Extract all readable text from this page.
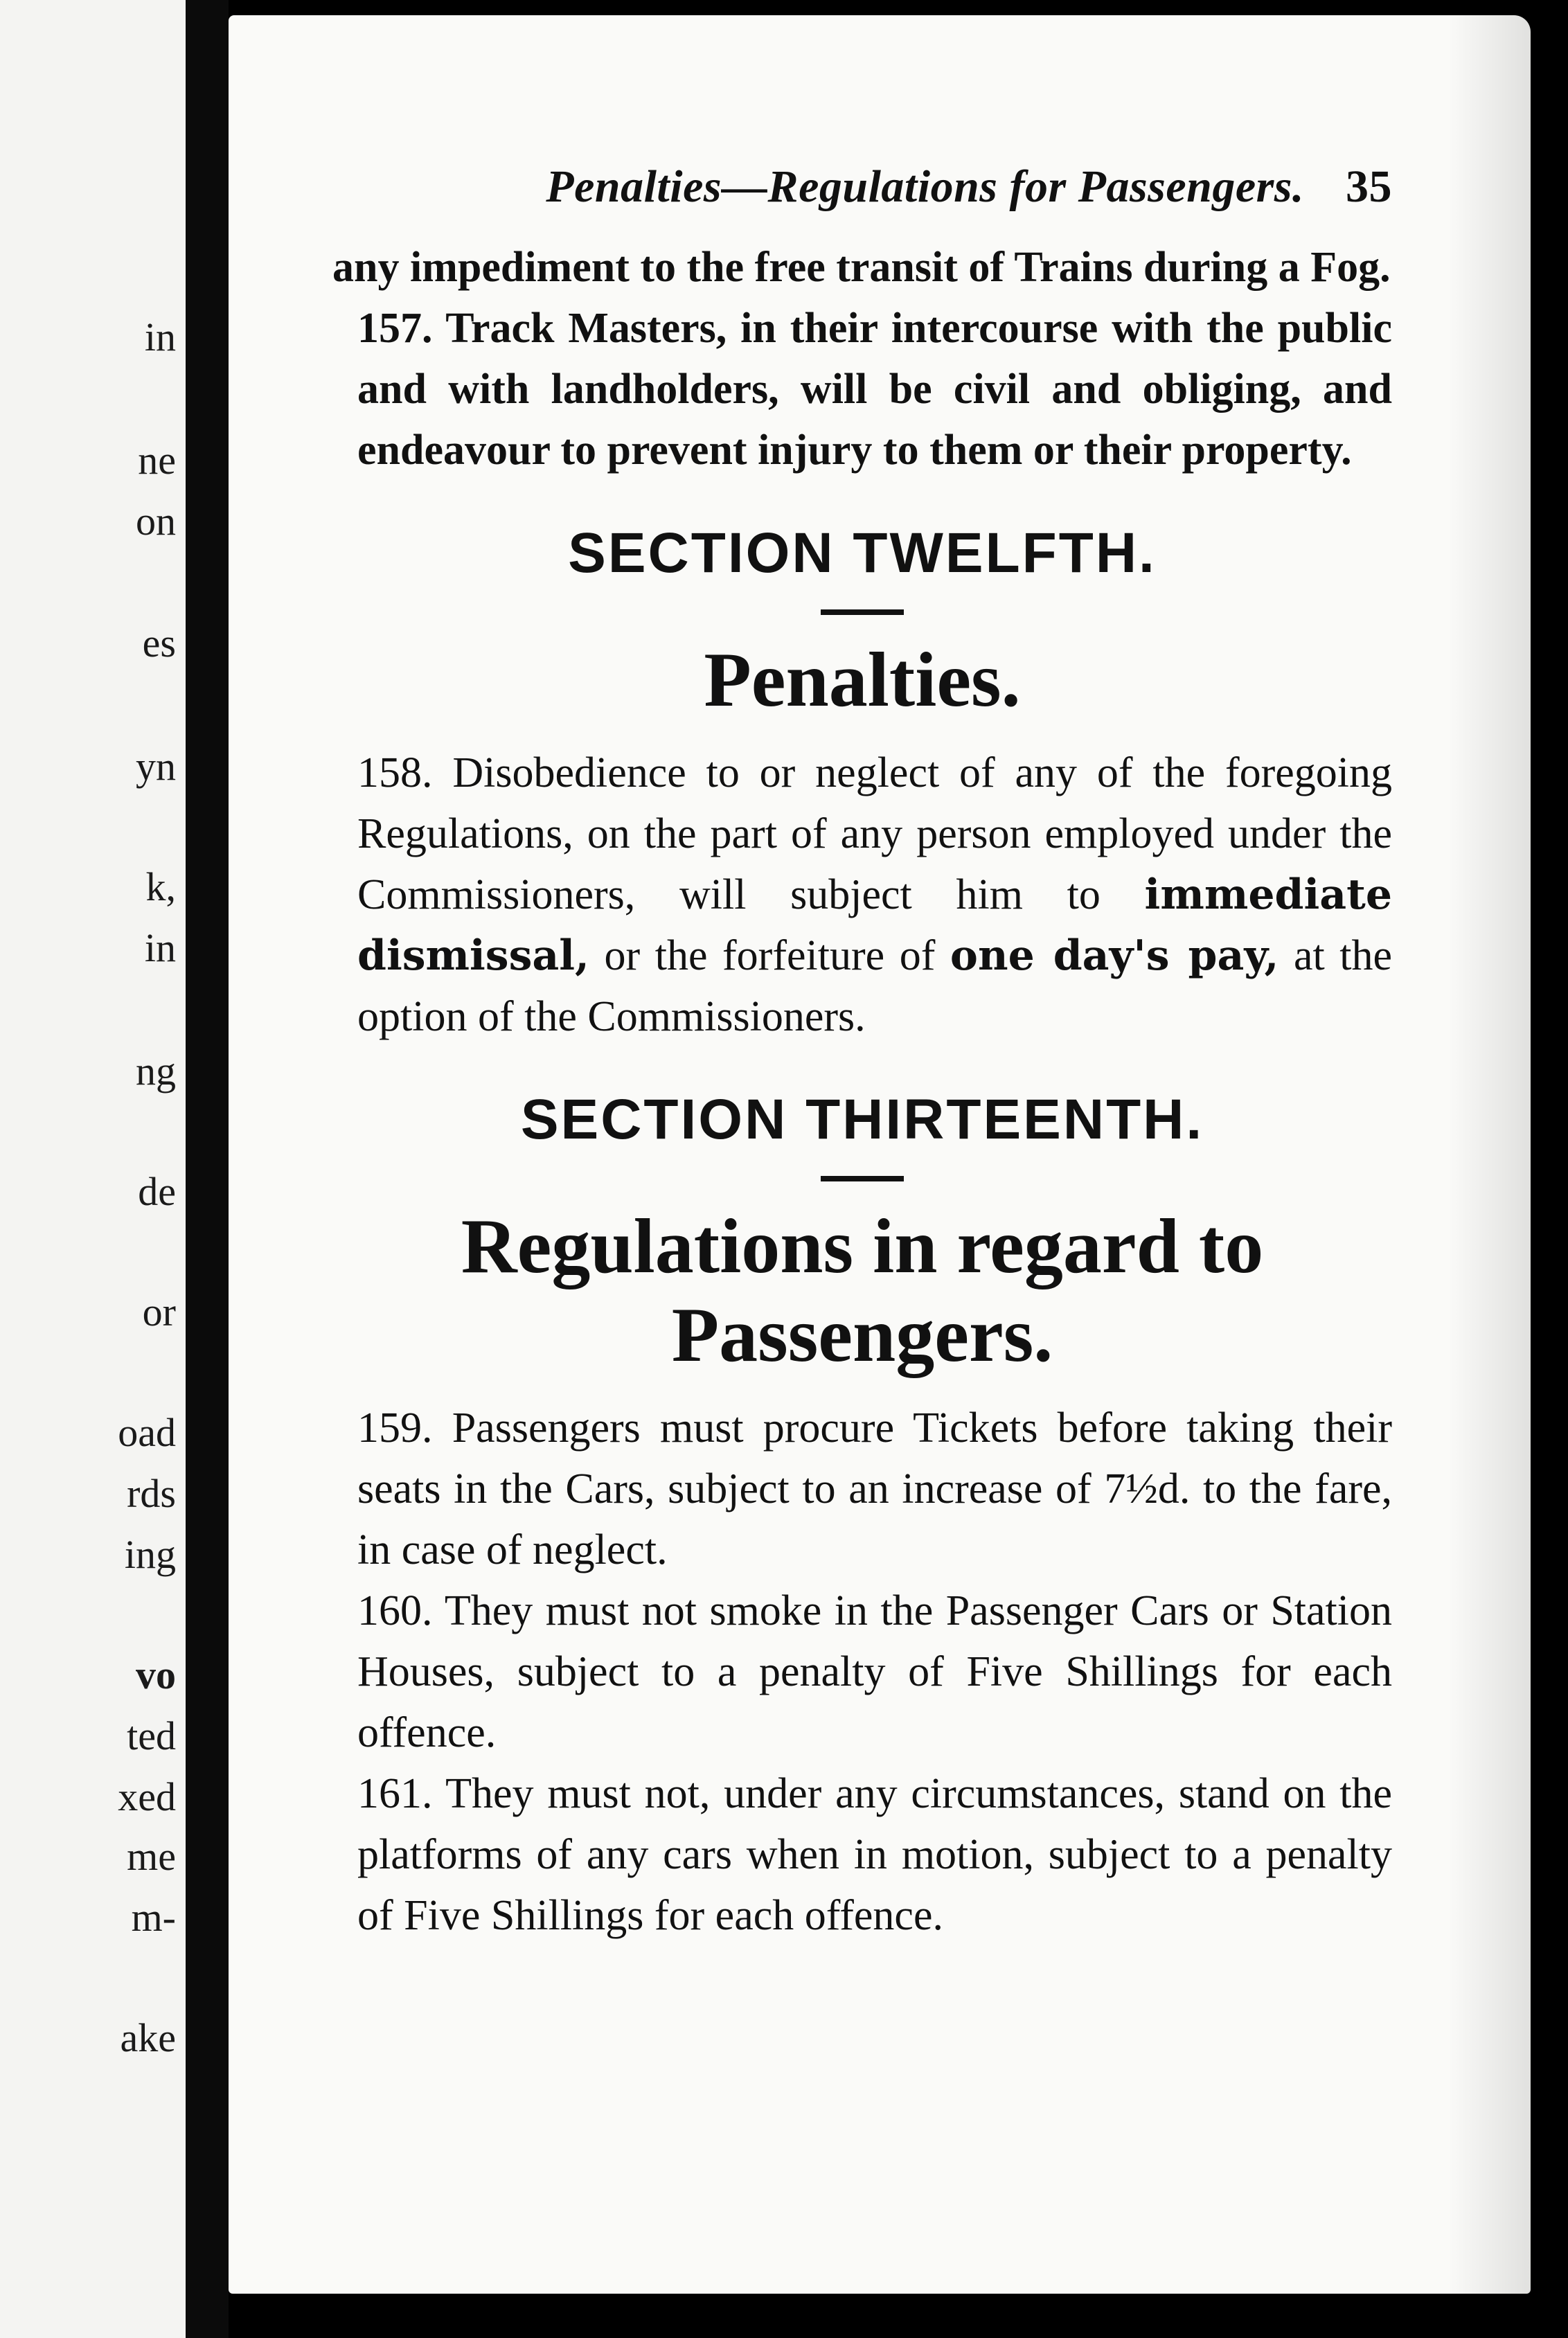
in
ne
on
es
yn
k,
in
ng
de
or
oad
rds
ing
vo
ted
xed
me
m-
ake
Penalties—Regulations for Passengers. 35

any impediment to the free transit of Trains during a Fog.

157. Track Masters, in their intercourse with the public and with landholders, will be civil and obliging, and endeavour to prevent injury to them or their property.

SECTION TWELFTH.
Penalties.

158. Disobedience to or neglect of any of the foregoing Regulations, on the part of any person employed under the Commissioners, will subject him to immediate dismissal, or the forfeiture of one day's pay, at the option of the Commissioners.

SECTION THIRTEENTH.
Regulations in regard to
Passengers.

159. Passengers must procure Tickets before taking their seats in the Cars, subject to an increase of 7½d. to the fare, in case of neglect.

160. They must not smoke in the Passenger Cars or Station Houses, subject to a penalty of Five Shillings for each offence.

161. They must not, under any circumstances, stand on the platforms of any cars when in motion, subject to a penalty of Five Shillings for each offence.
